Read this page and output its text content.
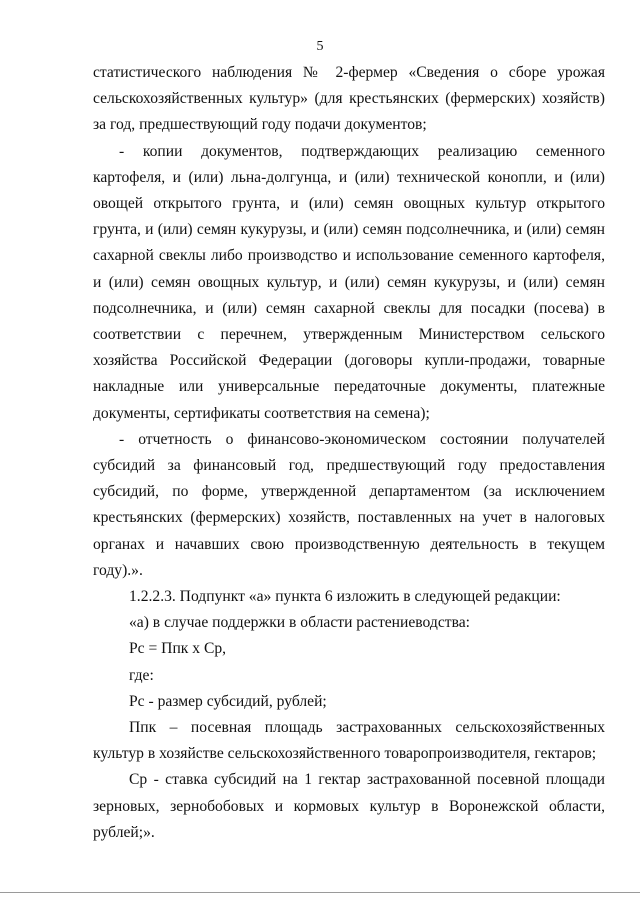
5

статистического наблюдения № 2-фермер «Сведения о сборе урожая сельскохозяйственных культур» (для крестьянских (фермерских) хозяйств) за год, предшествующий году подачи документов;

- копии документов, подтверждающих реализацию семенного картофеля, и (или) льна-долгунца, и (или) технической конопли, и (или) овощей открытого грунта, и (или) семян овощных культур открытого грунта, и (или) семян кукурузы, и (или) семян подсолнечника, и (или) семян сахарной свеклы либо производство и использование семенного картофеля, и (или) семян овощных культур, и (или) семян кукурузы, и (или) семян подсолнечника, и (или) семян сахарной свеклы для посадки (посева) в соответствии с перечнем, утвержденным Министерством сельского хозяйства Российской Федерации (договоры купли-продажи, товарные накладные или универсальные передаточные документы, платежные документы, сертификаты соответствия на семена);

- отчетность о финансово-экономическом состоянии получателей субсидий за финансовый год, предшествующий году предоставления субсидий, по форме, утвержденной департаментом (за исключением крестьянских (фермерских) хозяйств, поставленных на учет в налоговых органах и начавших свою производственную деятельность в текущем году).».

1.2.2.3. Подпункт «а» пункта 6 изложить в следующей редакции:

«а) в случае поддержки в области растениеводства:

Рс = Ппк х Ср,

где:

Рс - размер субсидий, рублей;

Ппк – посевная площадь застрахованных сельскохозяйственных культур в хозяйстве сельскохозяйственного товаропроизводителя, гектаров;

Ср - ставка субсидий на 1 гектар застрахованной посевной площади зерновых, зернобобовых и кормовых культур в Воронежской области, рублей;».
